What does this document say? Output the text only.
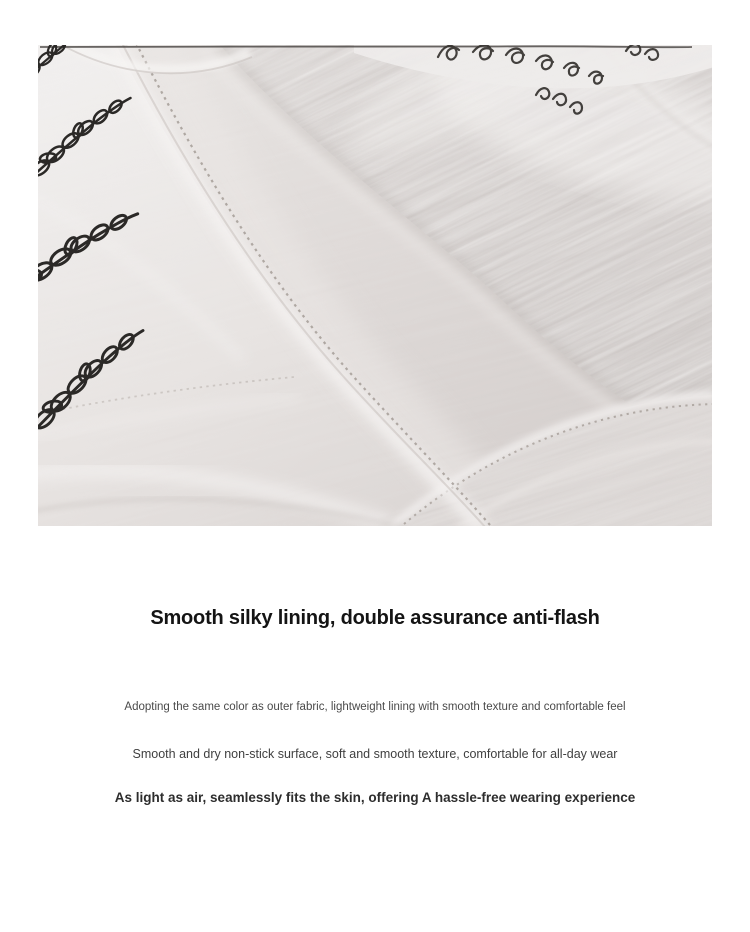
Smooth silky lining, double assurance anti-flash

Adopting the same color as outer fabric, lightweight lining with smooth texture and comfortable feel

Smooth and dry non-stick surface, soft and smooth texture, comfortable for all-day wear

As light as air, seamlessly fits the skin, offering A hassle-free wearing experience
